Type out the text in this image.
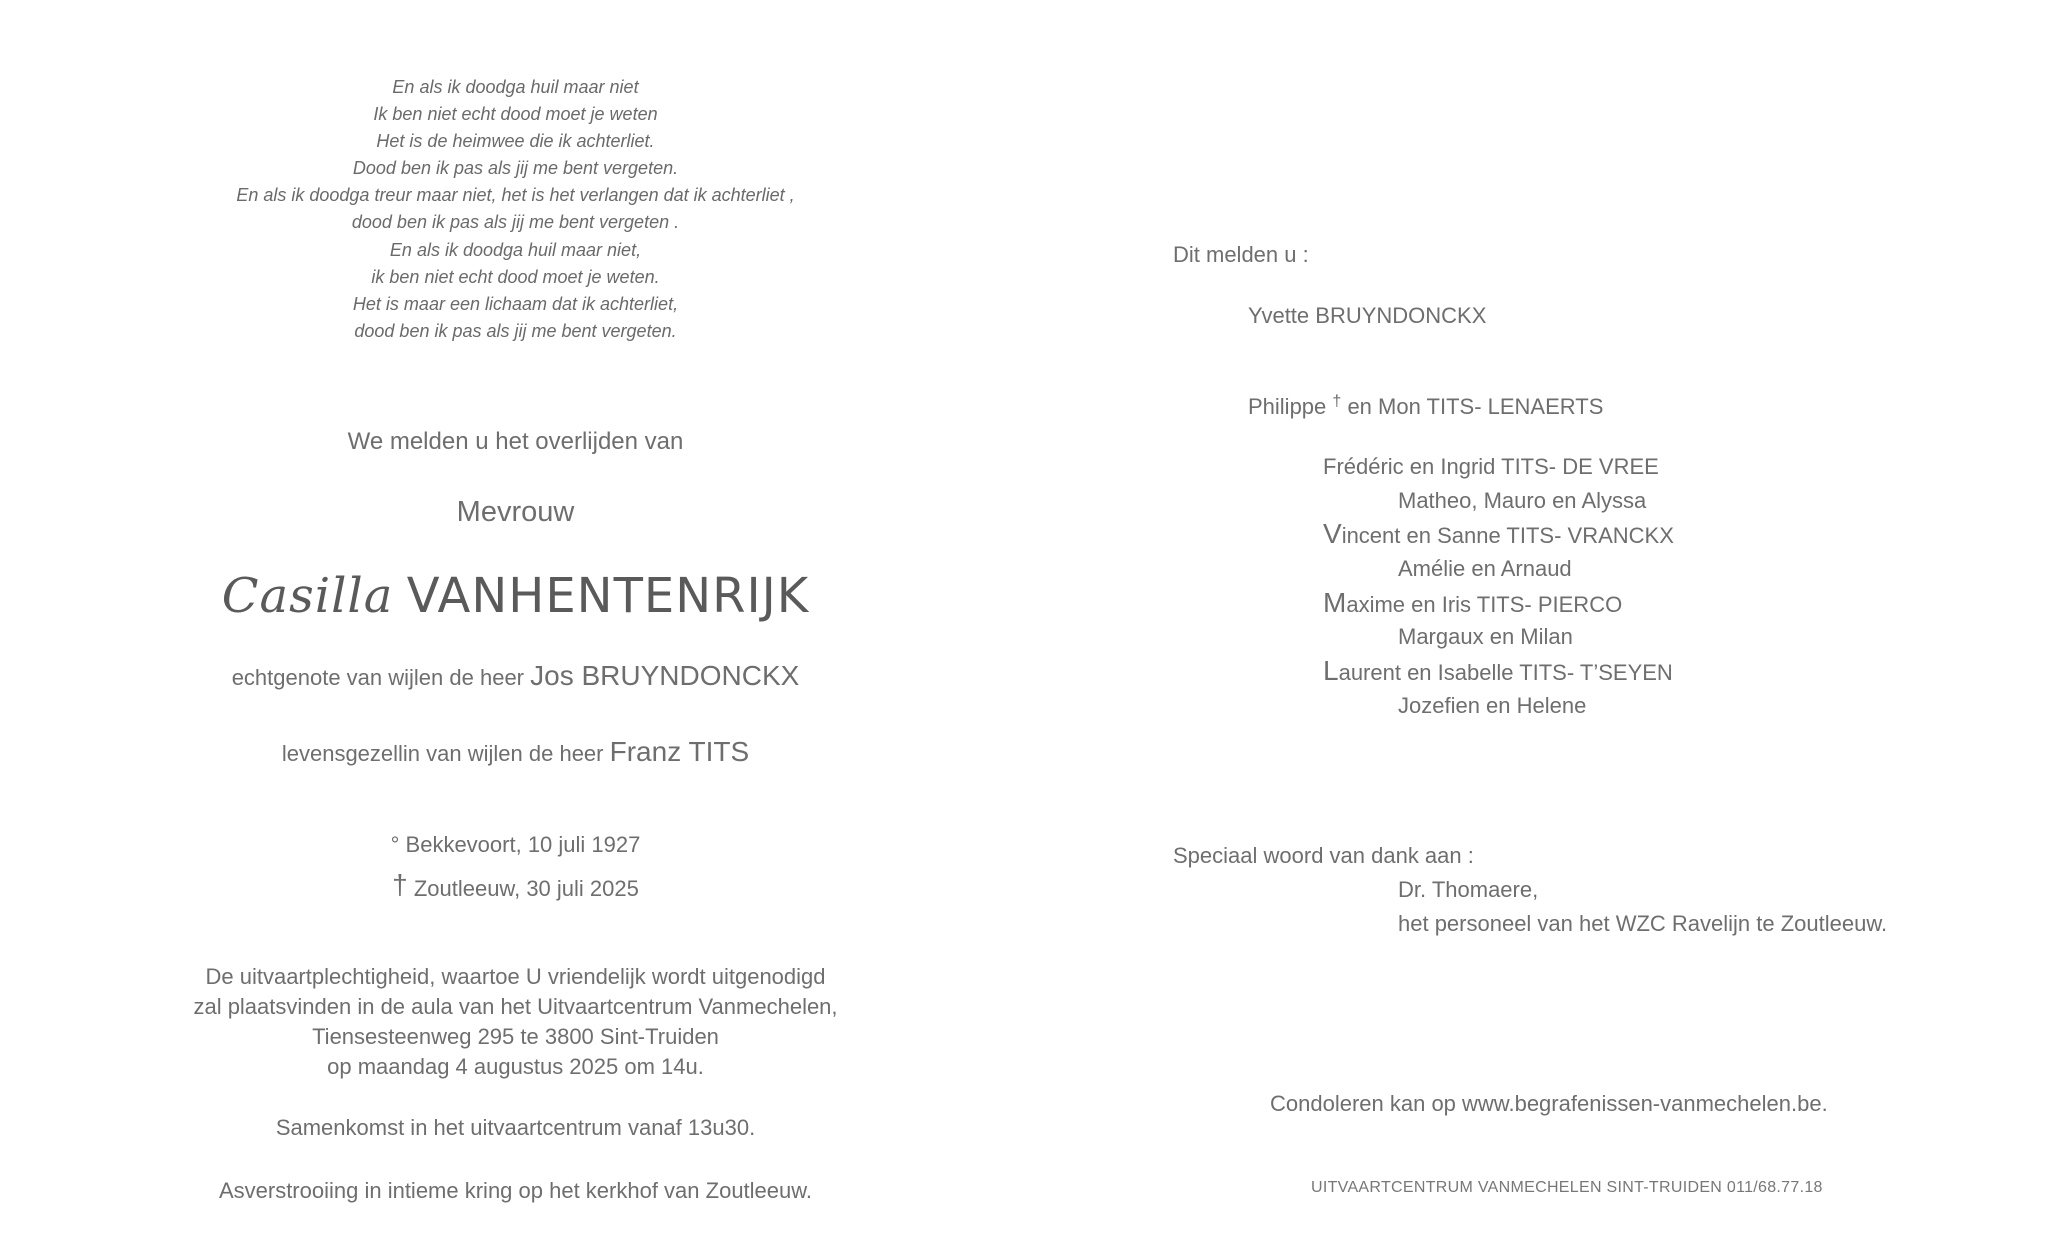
En als ik doodga huil maar niet
Ik ben niet echt dood moet je weten
Het is de heimwee die ik achterliet.
Dood ben ik pas als jij me bent vergeten.
En als ik doodga treur maar niet, het is het verlangen dat ik achterliet ,
dood ben ik pas als jij me bent vergeten .
En als ik doodga huil maar niet,
ik ben niet echt dood moet je weten.
Het is maar een lichaam dat ik achterliet,
dood ben ik pas als jij me bent vergeten.
We melden u het overlijden van
Mevrouw
Casilla VANHENTENRIJK
echtgenote van wijlen de heer Jos BRUYNDONCKX
levensgezellin van wijlen de heer Franz TITS
° Bekkevoort, 10 juli 1927
† Zoutleeuw, 30 juli 2025
De uitvaartplechtigheid, waartoe U vriendelijk wordt uitgenodigd
zal plaatsvinden in de aula van het Uitvaartcentrum Vanmechelen,
Tiensesteenweg 295 te 3800 Sint-Truiden
op maandag 4 augustus 2025 om 14u.
Samenkomst in het uitvaartcentrum vanaf 13u30.
Asverstrooiing in intieme kring op het kerkhof van Zoutleeuw.
Dit melden u :
Yvette BRUYNDONCKX
Philippe † en Mon TITS- LENAERTS
Frédéric en Ingrid TITS- DE VREE
Matheo, Mauro en Alyssa
Vincent en Sanne TITS- VRANCKX
Amélie en Arnaud
Maxime en Iris TITS- PIERCO
Margaux en Milan
Laurent en Isabelle TITS- T’SEYEN
Jozefien en Helene
Speciaal woord van dank aan :
Dr. Thomaere,
het personeel van het WZC Ravelijn te Zoutleeuw.
Condoleren kan op www.begrafenissen-vanmechelen.be.
UITVAARTCENTRUM VANMECHELEN SINT-TRUIDEN 011/68.77.18
